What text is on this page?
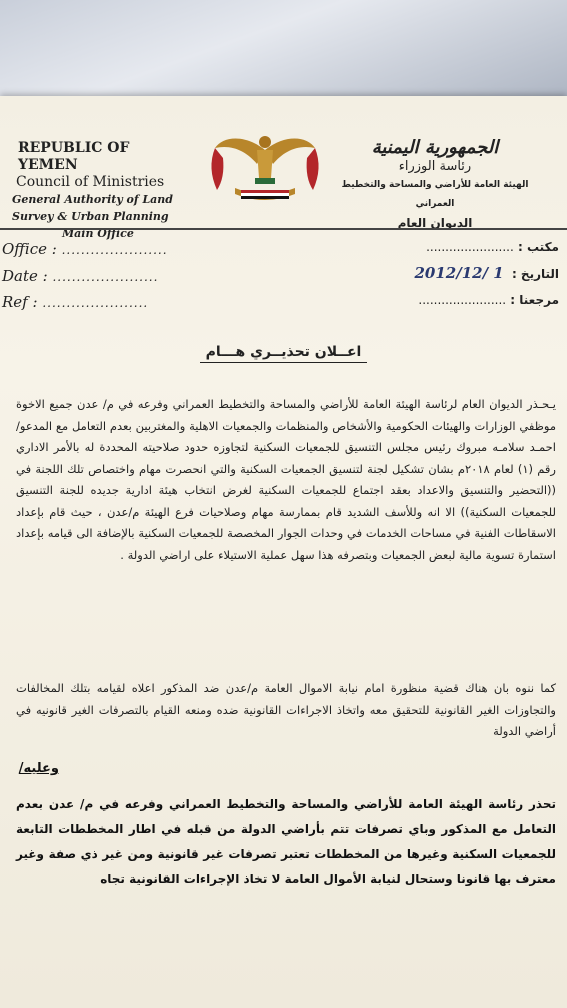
REPUBLIC OF YEMEN
Council of Ministries
General Authority of Land
Survey & Urban Planning
Main Office
الجمهورية اليمنية
رئاسة الوزراء
الهيئة العامة للأراضي والمساحة والتخطيط العمراني
الديوان العام
Office : ......................
Date : ......................
Ref : ......................
مكتب : .......................
التاريخ : 2012/12/ 1
مرجعنا : .......................
اعــلان تحذيــري هـــام

يـحـذر الديوان العام لرئاسة الهيئة العامة للأراضي والمساحة والتخطيط العمراني وفرعه في م/ عدن جميع الاخوة موظفي الوزارات والهيئات الحكومية والأشخاص والمنظمات والجمعيات الاهلية والمغتربين بعدم التعامل مع المدعو/ احمـد سلامـه مبروك رئيس مجلس التنسيق للجمعيات السكنية لتجاوزه حدود صلاحيته المحددة له بالأمر الاداري رقم (١) لعام ٢٠١٨م بشان تشكيل لجنة لتنسيق الجمعيات السكنية والتي انحصرت مهام واختصاص تلك اللجنة في ((التحضير والتنسيق والاعداد بعقد اجتماع للجمعيات السكنية لغرض انتخاب هيئة ادارية جديده للجنة التنسيق للجمعيات السكنية)) الا انه وللأسف الشديد قام بممارسة مهام وصلاحيات فرع الهيئة م/عدن ، حيث قام بإعداد الاسقاطات الفنية في مساحات الخدمات في وحدات الجوار المخصصة للجمعيات السكنية بالإضافة الى قيامه بإعداد استمارة تسوية مالية لبعض الجمعيات وبتصرفه هذا سهل عملية الاستيلاء على اراضي الدولة .

كما ننوه بان هناك قضية منظورة امام نيابة الاموال العامة م/عدن ضد المذكور اعلاه لقيامه بتلك المخالفات والتجاوزات الغير القانونية للتحقيق معه واتخاذ الاجراءات القانونية ضده ومنعه القيام بالتصرفات الغير قانونيه في أراضي الدولة

وعليه/

تحذر رئاسة الهيئة العامة للأراضي والمساحة والتخطيط العمراني وفرعه في م/ عدن بعدم التعامل مع المذكور وباي تصرفات تتم بأراضي الدولة من قبله في اطار المخططات التابعة للجمعيات السكنية وغيرها من المخططات تعتبر تصرفات غير قانونية ومن غير ذي صفة وغير معترف بها قانونا وستحال لنيابة الأموال العامة لا تخاذ الإجراءات القانونية تجاه
